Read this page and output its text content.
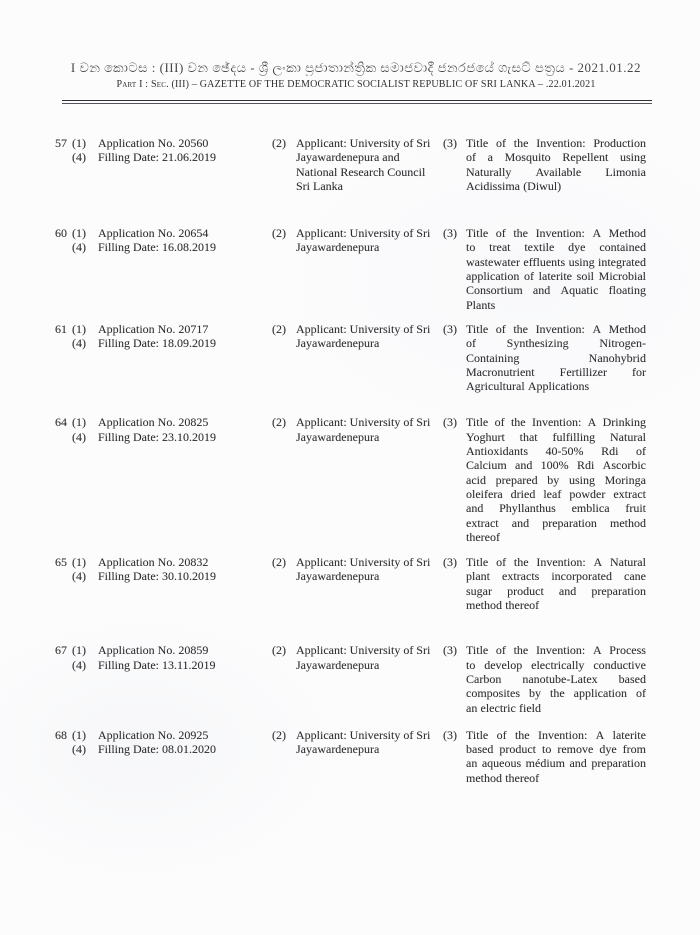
I වන කොටස : (III) වන ඡේදය - ශ්‍රී ලංකා ප්‍රජාතාන්ත්‍රික සමාජවාදී ජනරජයේ ගැසට් පත්‍රය - 2021.01.22
Part I : Sec. (III) – GAZETTE OF THE DEMOCRATIC SOCIALIST REPUBLIC OF SRI LANKA – .22.01.2021
57 (1)	Application No. 20560
(4)	Filling Date: 21.06.2019
(2) Applicant: University of Sri Jayawardenepura and National Research Council Sri Lanka
(3) Title of the Invention: Production
of a Mosquito Repellent using
Naturally Available Limonia
Acidissima (Diwul)
60 (1)	Application No. 20654
(4)	Filling Date: 16.08.2019
(2) Applicant: University of Sri Jayawardenepura
(3) Title of the Invention: A Method
to treat textile dye contained
wastewater effluents using integrated
application of laterite soil Microbial
Consortium and Aquatic floating
Plants
61 (1)	Application No. 20717
(4)	Filling Date: 18.09.2019
(2) Applicant: University of Sri Jayawardenepura
(3) Title of the Invention: A Method
of	Synthesizing	Nitrogen-
Containing	Nanohybrid
Macronutrient Fertillizer for
Agricultural Applications
64 (1)	Application No. 20825
(4)	Filling Date: 23.10.2019
(2) Applicant: University of Sri Jayawardenepura
(3) Title of the Invention: A Drinking
Yoghurt that fulfilling Natural
Antioxidants 40-50% Rdi of
Calcium and 100% Rdi Ascorbic
acid prepared by using Moringa
oleifera dried leaf powder extract
and Phyllanthus emblica fruit
extract and preparation method
thereof
65 (1)	Application No. 20832
(4)	Filling Date: 30.10.2019
(2) Applicant: University of Sri Jayawardenepura
(3) Title of the Invention: A Natural
plant extracts incorporated cane
sugar product and preparation
method thereof
67 (1)	Application No. 20859
(4)	Filling Date: 13.11.2019
(2) Applicant: University of Sri Jayawardenepura
(3) Title of the Invention: A Process
to develop electrically conductive
Carbon nanotube-Latex based
composites by the application of
an electric field
68 (1)	Application No. 20925
(4)	Filling Date: 08.01.2020
(2) Applicant: University of Sri Jayawardenepura
(3) Title of the Invention: A laterite
based product to remove dye from
an aqueous médium and preparation
method thereof
